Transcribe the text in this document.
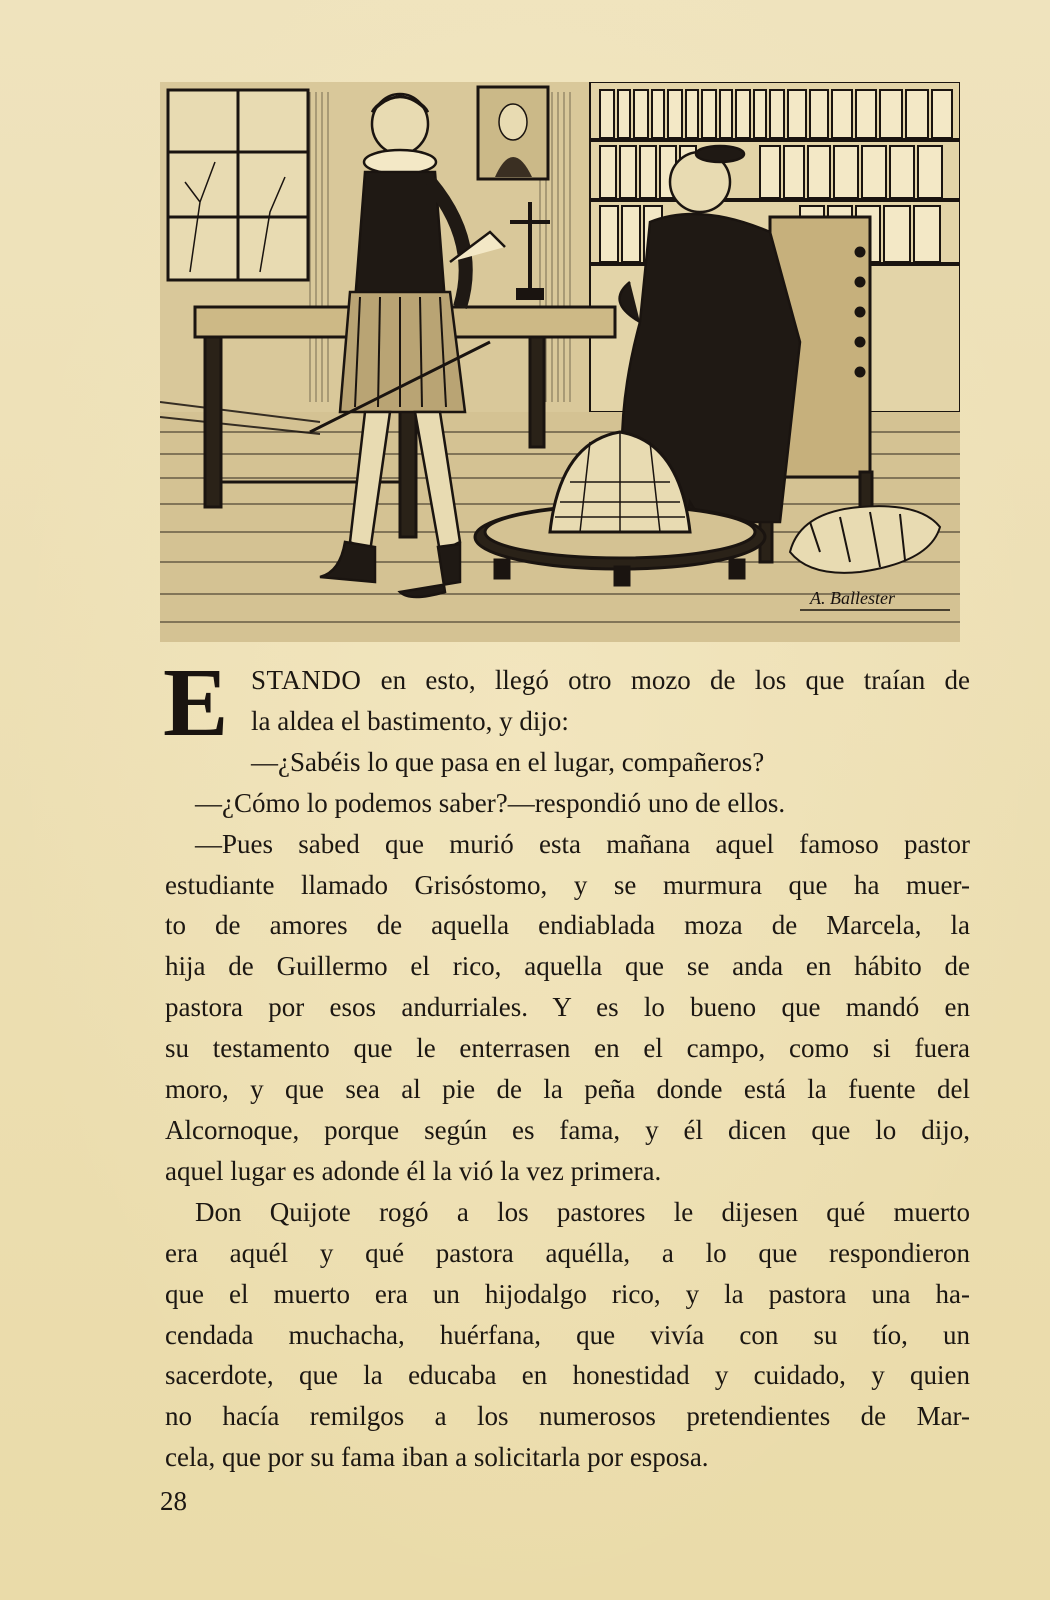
A. Ballester

E STANDO en esto, llegó otro mozo de los que traían de
la aldea el bastimento, y dijo:

—¿Sabéis lo que pasa en el lugar, compañeros?

—¿Cómo lo podemos saber?—respondió uno de ellos.

—Pues sabed que murió esta mañana aquel famoso pastor
estudiante llamado Grisóstomo, y se murmura que ha muer-
to de amores de aquella endiablada moza de Marcela, la
hija de Guillermo el rico, aquella que se anda en hábito de
pastora por esos andurriales. Y es lo bueno que mandó en
su testamento que le enterrasen en el campo, como si fuera
moro, y que sea al pie de la peña donde está la fuente del
Alcornoque, porque según es fama, y él dicen que lo dijo,
aquel lugar es adonde él la vió la vez primera.

Don Quijote rogó a los pastores le dijesen qué muerto
era aquél y qué pastora aquélla, a lo que respondieron
que el muerto era un hijodalgo rico, y la pastora una ha-
cendada muchacha, huérfana, que vivía con su tío, un
sacerdote, que la educaba en honestidad y cuidado, y quien
no hacía remilgos a los numerosos pretendientes de Mar-
cela, que por su fama iban a solicitarla por esposa.

28
